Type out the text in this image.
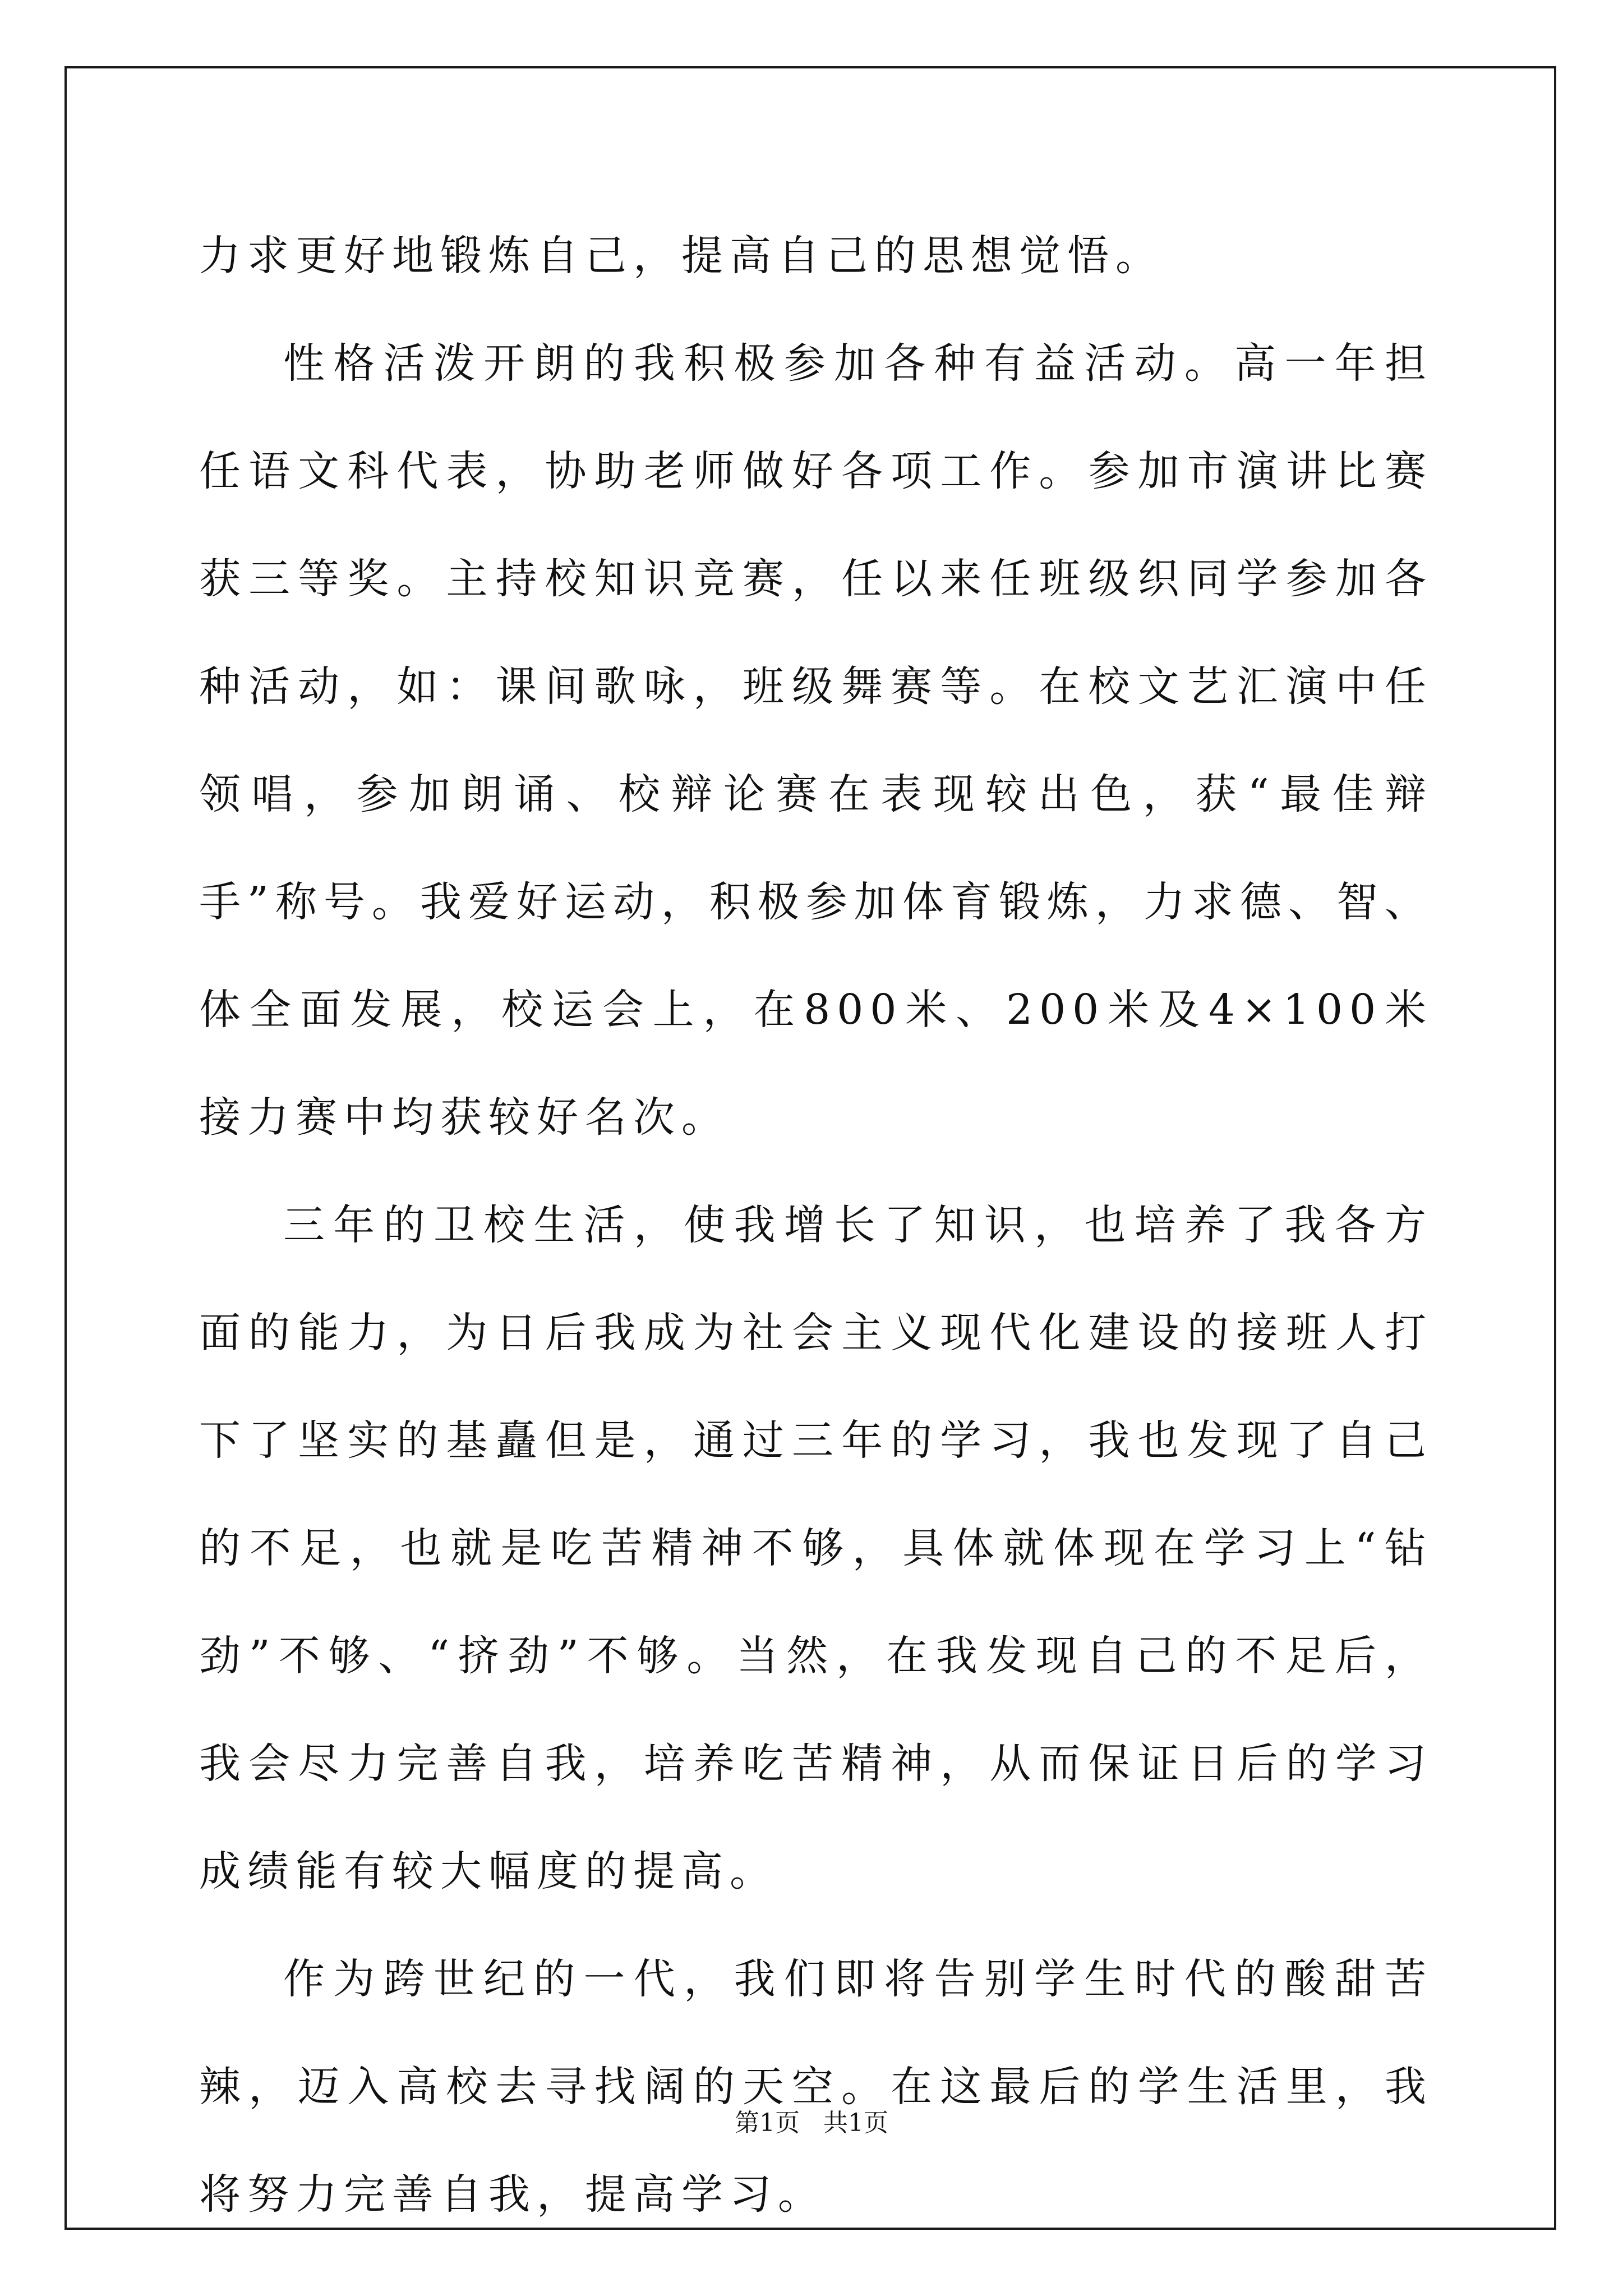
力求更好地锻炼自己，提高自己的思想觉悟。

性格活泼开朗的我积极参加各种有益活动。高一年担任语文科代表，协助老师做好各项工作。参加市演讲比赛获三等奖。主持校知识竞赛，任以来任班级织同学参加各种活动，如：课间歌咏，班级舞赛等。在校文艺汇演中任领唱，参加朗诵、校辩论赛在表现较出色，获“最佳辩手”称号。我爱好运动，积极参加体育锻炼，力求德、智、体全面发展，校运会上，在800米、200米及4×100米接力赛中均获较好名次。

三年的卫校生活，使我增长了知识，也培养了我各方面的能力，为日后我成为社会主义现代化建设的接班人打下了坚实的基矗但是，通过三年的学习，我也发现了自己的不足，也就是吃苦精神不够，具体就体现在学习上“钻劲”不够、“挤劲”不够。当然，在我发现自己的不足后，我会尽力完善自我，培养吃苦精神，从而保证日后的学习成绩能有较大幅度的提高。

作为跨世纪的一代，我们即将告别学生时代的酸甜苦辣，迈入高校去寻找阔的天空。在这最后的学生活里，我将努力完善自我，提高学习。

第1页   共1页
